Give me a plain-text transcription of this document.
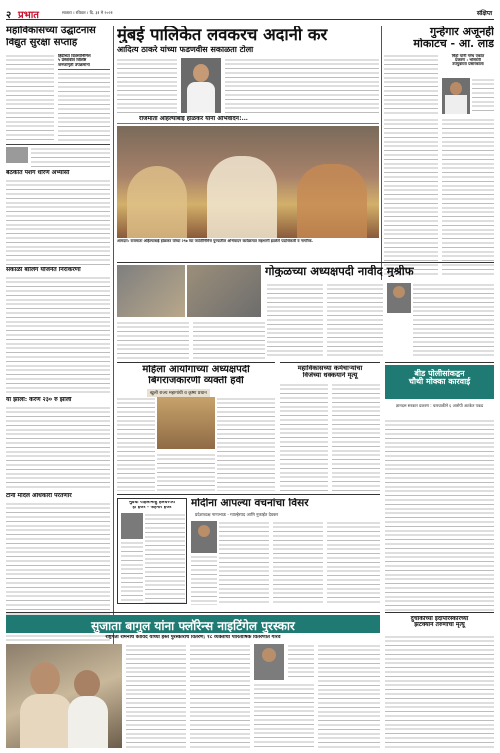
२ प्रभात	सातारा । रविवार । दि. ३१ मे २०२१	संक्षिप्त
महाविकासच्या उद्घाटनास
विद्युत सुरक्षा सप्ताह
हिंदीच्या दिवसानिमित्त
५ प्रस्तावीत विशिष्ट
जनजागृती उपक्रमांना
बैठकीत पशंग धोरण अभ्यासी
सकाळी बालिंग योजनेत निराकरणा
या झाला: करण २३० रु झाली
टोनी मोदेल अधिकारी परतणार
मुंबई पालिकेत लवकरच अदानी कर
आदित्य ठाकरे यांच्या फडणवीस सकाळता टोला
राजमाता अहिल्याबाई होळकर यांना अभिवादन!...
आमदार: राजमाता अहिल्याबाई होळकर यांच्या २९७ व्या जयंतीनिमित्त पुण्यातील अभिवादन कार्यक्रमात सहभागी झालेले पदाधिकारी व नागरिक.
गुन्हेगार अजूनही
मोकाटच - आ. लाड
मिहो यांनी गरेच एकांत
प्रकरण : भोसरती
उपयुक्तता प्रसारकाला
गोकुळच्या अध्यक्षपदी नावीद मुश्रीफ
महिला आयोगाच्या अध्यक्षपदी
बिगराजकारणी व्यक्ती हवी
खुली राज्य महागांधी व कृष्ण प्रधान
महाविकासच्या कर्मचाऱ्यांचा
विजेच्या धक्कयाने मृत्यू	बीड पोलीसांकडून
चौथी मोक्का कारवाई
ज्ञानदत्त सरकार प्रकरण : चारचाकीने ६ आरोपी अटकेत पकड
मुंडेची पाहलामेत्हु हेलधरपरी
ही हजर - फहनार हजर	मोदींना आपल्या वचनांचा विसर
प्रदेशाध्यक्ष नानाभाऊ - ग्वाल्हेरपद आणि नुकाईत देवकर
सुजाता बागुल यांना फ्लॉरेन्स नाइटिंगेल पुरस्कार
राष्ट्रपती रामनाथ कोविंद यांच्या हस्ते पुरस्कारांचे वितरण; १८ व्यक्तींचा पारितोषिक वितरणात गौरव
दुचाकीच्या इंदापरिस्कारच्या
झटक्याने तरुणाचा मृत्यू
